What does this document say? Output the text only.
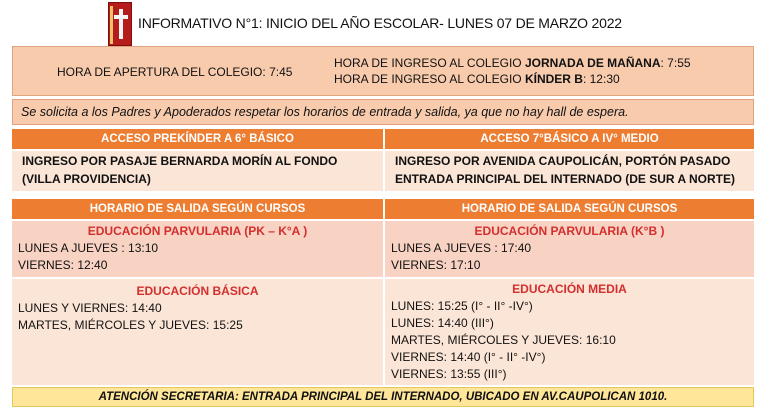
INFORMATIVO N°1: INICIO DEL AÑO ESCOLAR- LUNES 07 DE MARZO 2022
HORA DE APERTURA DEL COLEGIO: 7:45
HORA DE INGRESO AL COLEGIO JORNADA DE MAÑANA: 7:55
HORA DE INGRESO AL COLEGIO KÍNDER B: 12:30
Se solicita a los Padres y Apoderados respetar los horarios de entrada y salida, ya que no hay hall de espera.
ACCESO PREKÍNDER A 6° BÁSICO	ACCESO 7°BÁSICO A IV° MEDIO
INGRESO POR PASAJE BERNARDA MORÍN AL FONDO (VILLA PROVIDENCIA)
INGRESO POR AVENIDA CAUPOLICÁN, PORTÓN PASADO ENTRADA PRINCIPAL DEL INTERNADO (DE SUR A NORTE)
HORARIO DE SALIDA SEGÚN CURSOS	HORARIO DE SALIDA SEGÚN CURSOS
EDUCACIÓN PARVULARIA (PK – K°A )
LUNES A JUEVES : 13:10
VIERNES: 12:40
EDUCACIÓN PARVULARIA (K°B )
LUNES A JUEVES : 17:40
VIERNES: 17:10
EDUCACIÓN BÁSICA
LUNES Y VIERNES: 14:40
MARTES, MIÉRCOLES Y JUEVES: 15:25
EDUCACIÓN MEDIA
LUNES: 15:25 (I° - II° -IV°)
LUNES: 14:40 (III°)
MARTES, MIÉRCOLES Y JUEVES: 16:10
VIERNES: 14:40 (I° - II° -IV°)
VIERNES: 13:55 (III°)
ATENCIÓN SECRETARIA: ENTRADA PRINCIPAL DEL INTERNADO, UBICADO EN AV.CAUPOLICAN 1010.
